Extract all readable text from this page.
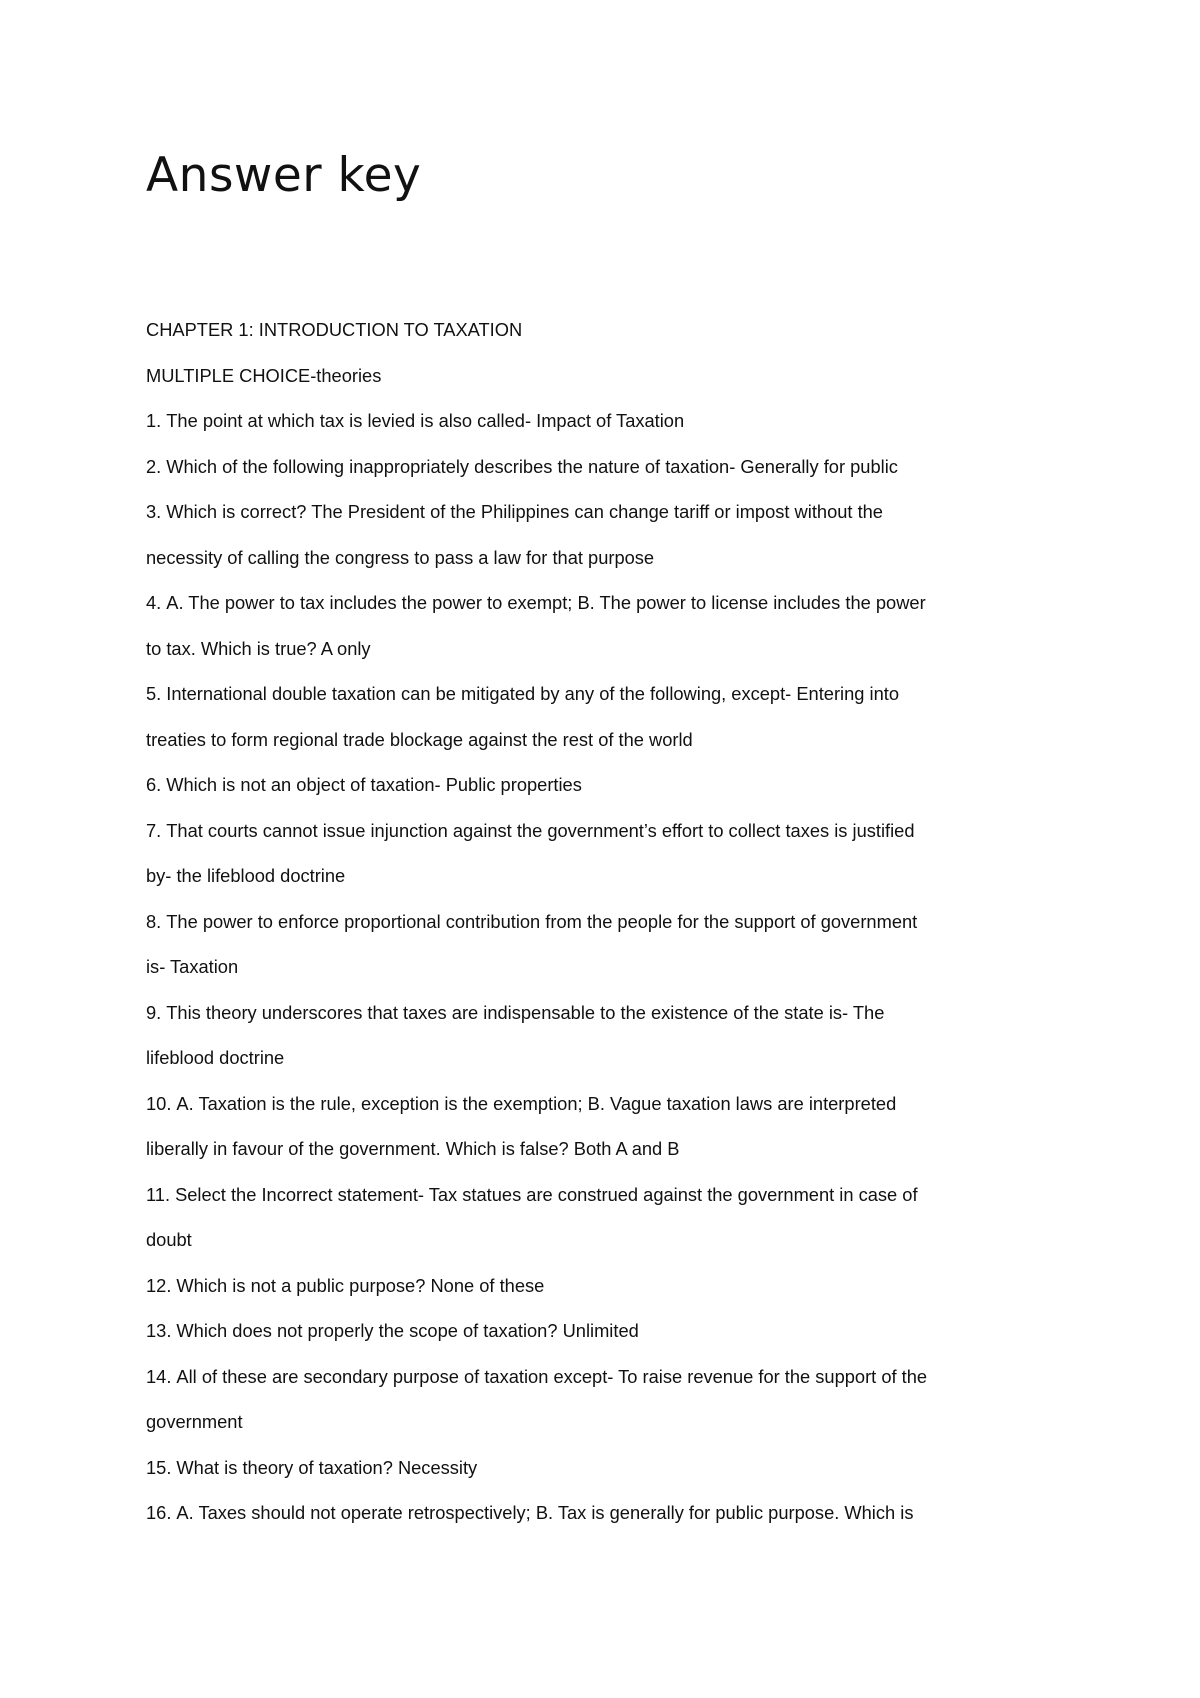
Answer key
CHAPTER 1: INTRODUCTION TO TAXATION
MULTIPLE CHOICE-theories
1. The point at which tax is levied is also called- Impact of Taxation
2. Which of the following inappropriately describes the nature of taxation- Generally for public
3. Which is correct? The President of the Philippines can change tariff or impost without the
necessity of calling the congress to pass a law for that purpose
4. A. The power to tax includes the power to exempt; B. The power to license includes the power
to tax. Which is true? A only
5. International double taxation can be mitigated by any of the following, except- Entering into
treaties to form regional trade blockage against the rest of the world
6. Which is not an object of taxation- Public properties
7. That courts cannot issue injunction against the government’s effort to collect taxes is justified
by- the lifeblood doctrine
8. The power to enforce proportional contribution from the people for the support of government
is- Taxation
9. This theory underscores that taxes are indispensable to the existence of the state is- The
lifeblood doctrine
10. A. Taxation is the rule, exception is the exemption; B. Vague taxation laws are interpreted
liberally in favour of the government. Which is false? Both A and B
11. Select the Incorrect statement- Tax statues are construed against the government in case of
doubt
12. Which is not a public purpose? None of these
13. Which does not properly the scope of taxation? Unlimited
14. All of these are secondary purpose of taxation except- To raise revenue for the support of the
government
15. What is theory of taxation? Necessity
16. A. Taxes should not operate retrospectively; B. Tax is generally for public purpose. Which is
